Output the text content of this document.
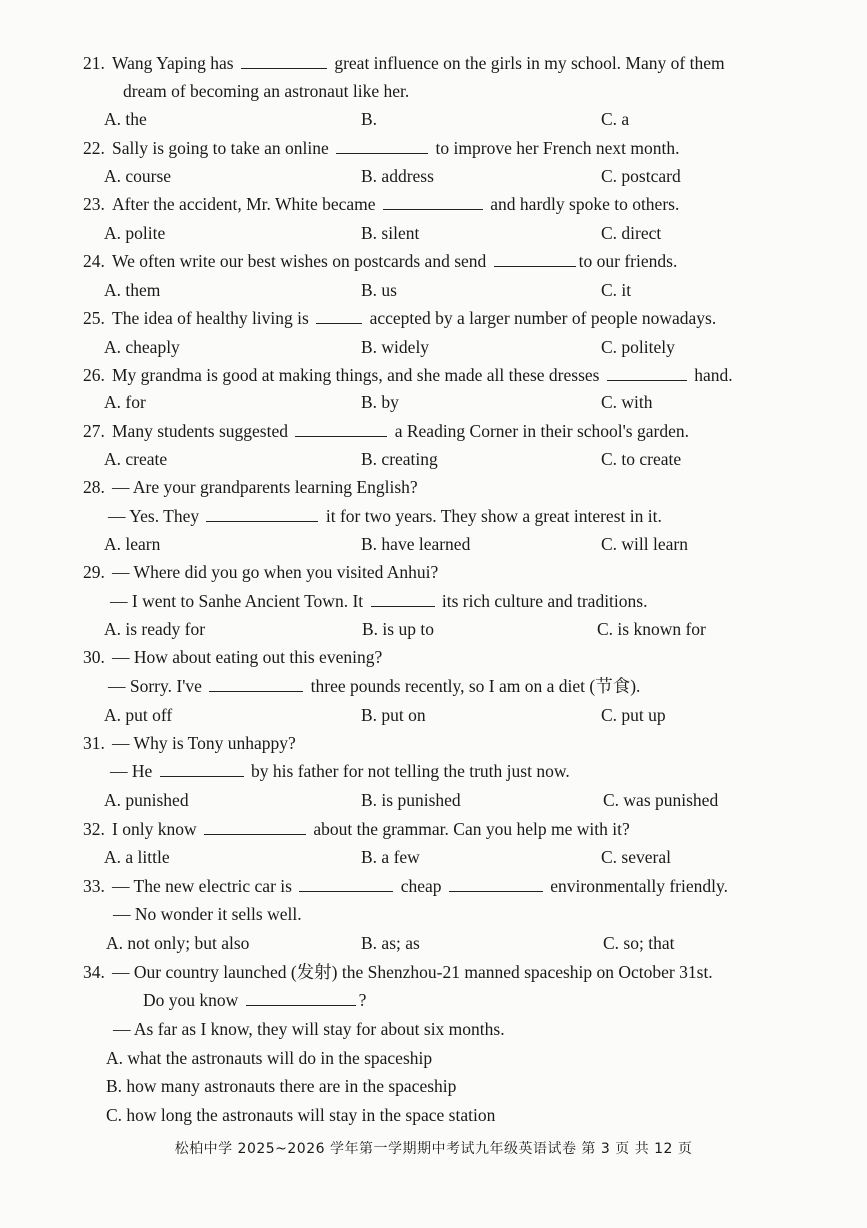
21. Wang Yaping has	great influence on the girls in my school. Many of them
dream of becoming an astronaut like her.
A. the	B.	C. a
22. Sally is going to take an online	to improve her French next month.
A. course	B. address	C. postcard
23. After the accident, Mr. White became	and hardly spoke to others.
A. polite	B. silent	C. direct
24. We often write our best wishes on postcards and send	to our friends.
A. them	B. us	C. it
25. The idea of healthy living is	accepted by a larger number of people nowadays.
A. cheaply	B. widely	C. politely
26. My grandma is good at making things, and she made all these dresses	hand.
A. for	B. by	C. with
27. Many students suggested	a Reading Corner in their school's garden.
A. create	B. creating	C. to create
28. — Are your grandparents learning English?
— Yes. They	it for two years. They show a great interest in it.
A. learn	B. have learned	C. will learn
29. — Where did you go when you visited Anhui?
— I went to Sanhe Ancient Town. It	its rich culture and traditions.
A. is ready for	B. is up to	C. is known for
30. — How about eating out this evening?
— Sorry. I've	three pounds recently, so I am on a diet (节食).
A. put off	B. put on	C. put up
31. — Why is Tony unhappy?
— He	by his father for not telling the truth just now.
A. punished	B. is punished	C. was punished
32. I only know	about the grammar. Can you help me with it?
A. a little	B. a few	C. several
33. — The new electric car is	cheap	environmentally friendly.
— No wonder it sells well.
A. not only; but also	B. as; as	C. so; that
34. — Our country launched (发射) the Shenzhou-21 manned spaceship on October 31st.
Do you know	?
— As far as I know, they will stay for about six months.
A. what the astronauts will do in the spaceship
B. how many astronauts there are in the spaceship
C. how long the astronauts will stay in the space station
松柏中学 2025~2026 学年第一学期期中考试九年级英语试卷 第 3 页 共 12 页
